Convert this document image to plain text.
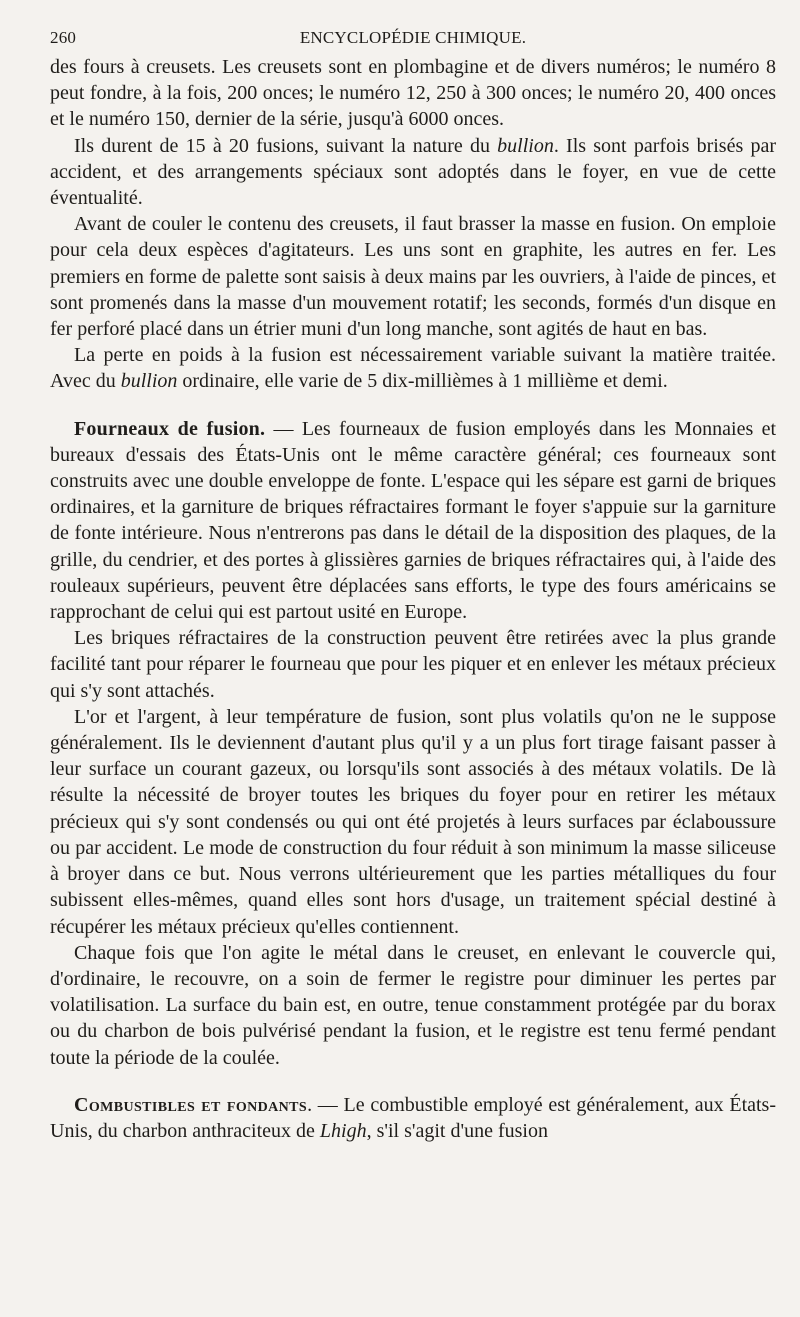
260	ENCYCLOPÉDIE CHIMIQUE.

des fours à creusets. Les creusets sont en plombagine et de divers numéros; le numéro 8 peut fondre, à la fois, 200 onces; le numéro 12, 250 à 300 onces; le numéro 20, 400 onces et le numéro 150, dernier de la série, jusqu'à 6000 onces.

Ils durent de 15 à 20 fusions, suivant la nature du bullion. Ils sont parfois brisés par accident, et des arrangements spéciaux sont adoptés dans le foyer, en vue de cette éventualité.

Avant de couler le contenu des creusets, il faut brasser la masse en fusion. On emploie pour cela deux espèces d'agitateurs. Les uns sont en graphite, les autres en fer. Les premiers en forme de palette sont saisis à deux mains par les ouvriers, à l'aide de pinces, et sont promenés dans la masse d'un mouvement rotatif; les seconds, formés d'un disque en fer perforé placé dans un étrier muni d'un long manche, sont agités de haut en bas.

La perte en poids à la fusion est nécessairement variable suivant la matière traitée. Avec du bullion ordinaire, elle varie de 5 dix-millièmes à 1 millième et demi.

Fourneaux de fusion. — Les fourneaux de fusion employés dans les Monnaies et bureaux d'essais des États-Unis ont le même caractère général; ces fourneaux sont construits avec une double enveloppe de fonte. L'espace qui les sépare est garni de briques ordinaires, et la garniture de briques réfractaires formant le foyer s'appuie sur la garniture de fonte intérieure. Nous n'entrerons pas dans le détail de la disposition des plaques, de la grille, du cendrier, et des portes à glissières garnies de briques réfractaires qui, à l'aide des rouleaux supérieurs, peuvent être déplacées sans efforts, le type des fours américains se rapprochant de celui qui est partout usité en Europe.

Les briques réfractaires de la construction peuvent être retirées avec la plus grande facilité tant pour réparer le fourneau que pour les piquer et en enlever les métaux précieux qui s'y sont attachés.

L'or et l'argent, à leur température de fusion, sont plus volatils qu'on ne le suppose généralement. Ils le deviennent d'autant plus qu'il y a un plus fort tirage faisant passer à leur surface un courant gazeux, ou lorsqu'ils sont associés à des métaux volatils. De là résulte la nécessité de broyer toutes les briques du foyer pour en retirer les métaux précieux qui s'y sont condensés ou qui ont été projetés à leurs surfaces par éclaboussure ou par accident. Le mode de construction du four réduit à son minimum la masse siliceuse à broyer dans ce but. Nous verrons ultérieurement que les parties métalliques du four subissent elles-mêmes, quand elles sont hors d'usage, un traitement spécial destiné à récupérer les métaux précieux qu'elles contiennent.

Chaque fois que l'on agite le métal dans le creuset, en enlevant le couvercle qui, d'ordinaire, le recouvre, on a soin de fermer le registre pour diminuer les pertes par volatilisation. La surface du bain est, en outre, tenue constamment protégée par du borax ou du charbon de bois pulvérisé pendant la fusion, et le registre est tenu fermé pendant toute la période de la coulée.

Combustibles et fondants. — Le combustible employé est généralement, aux États-Unis, du charbon anthraciteux de Lhigh, s'il s'agit d'une fusion
